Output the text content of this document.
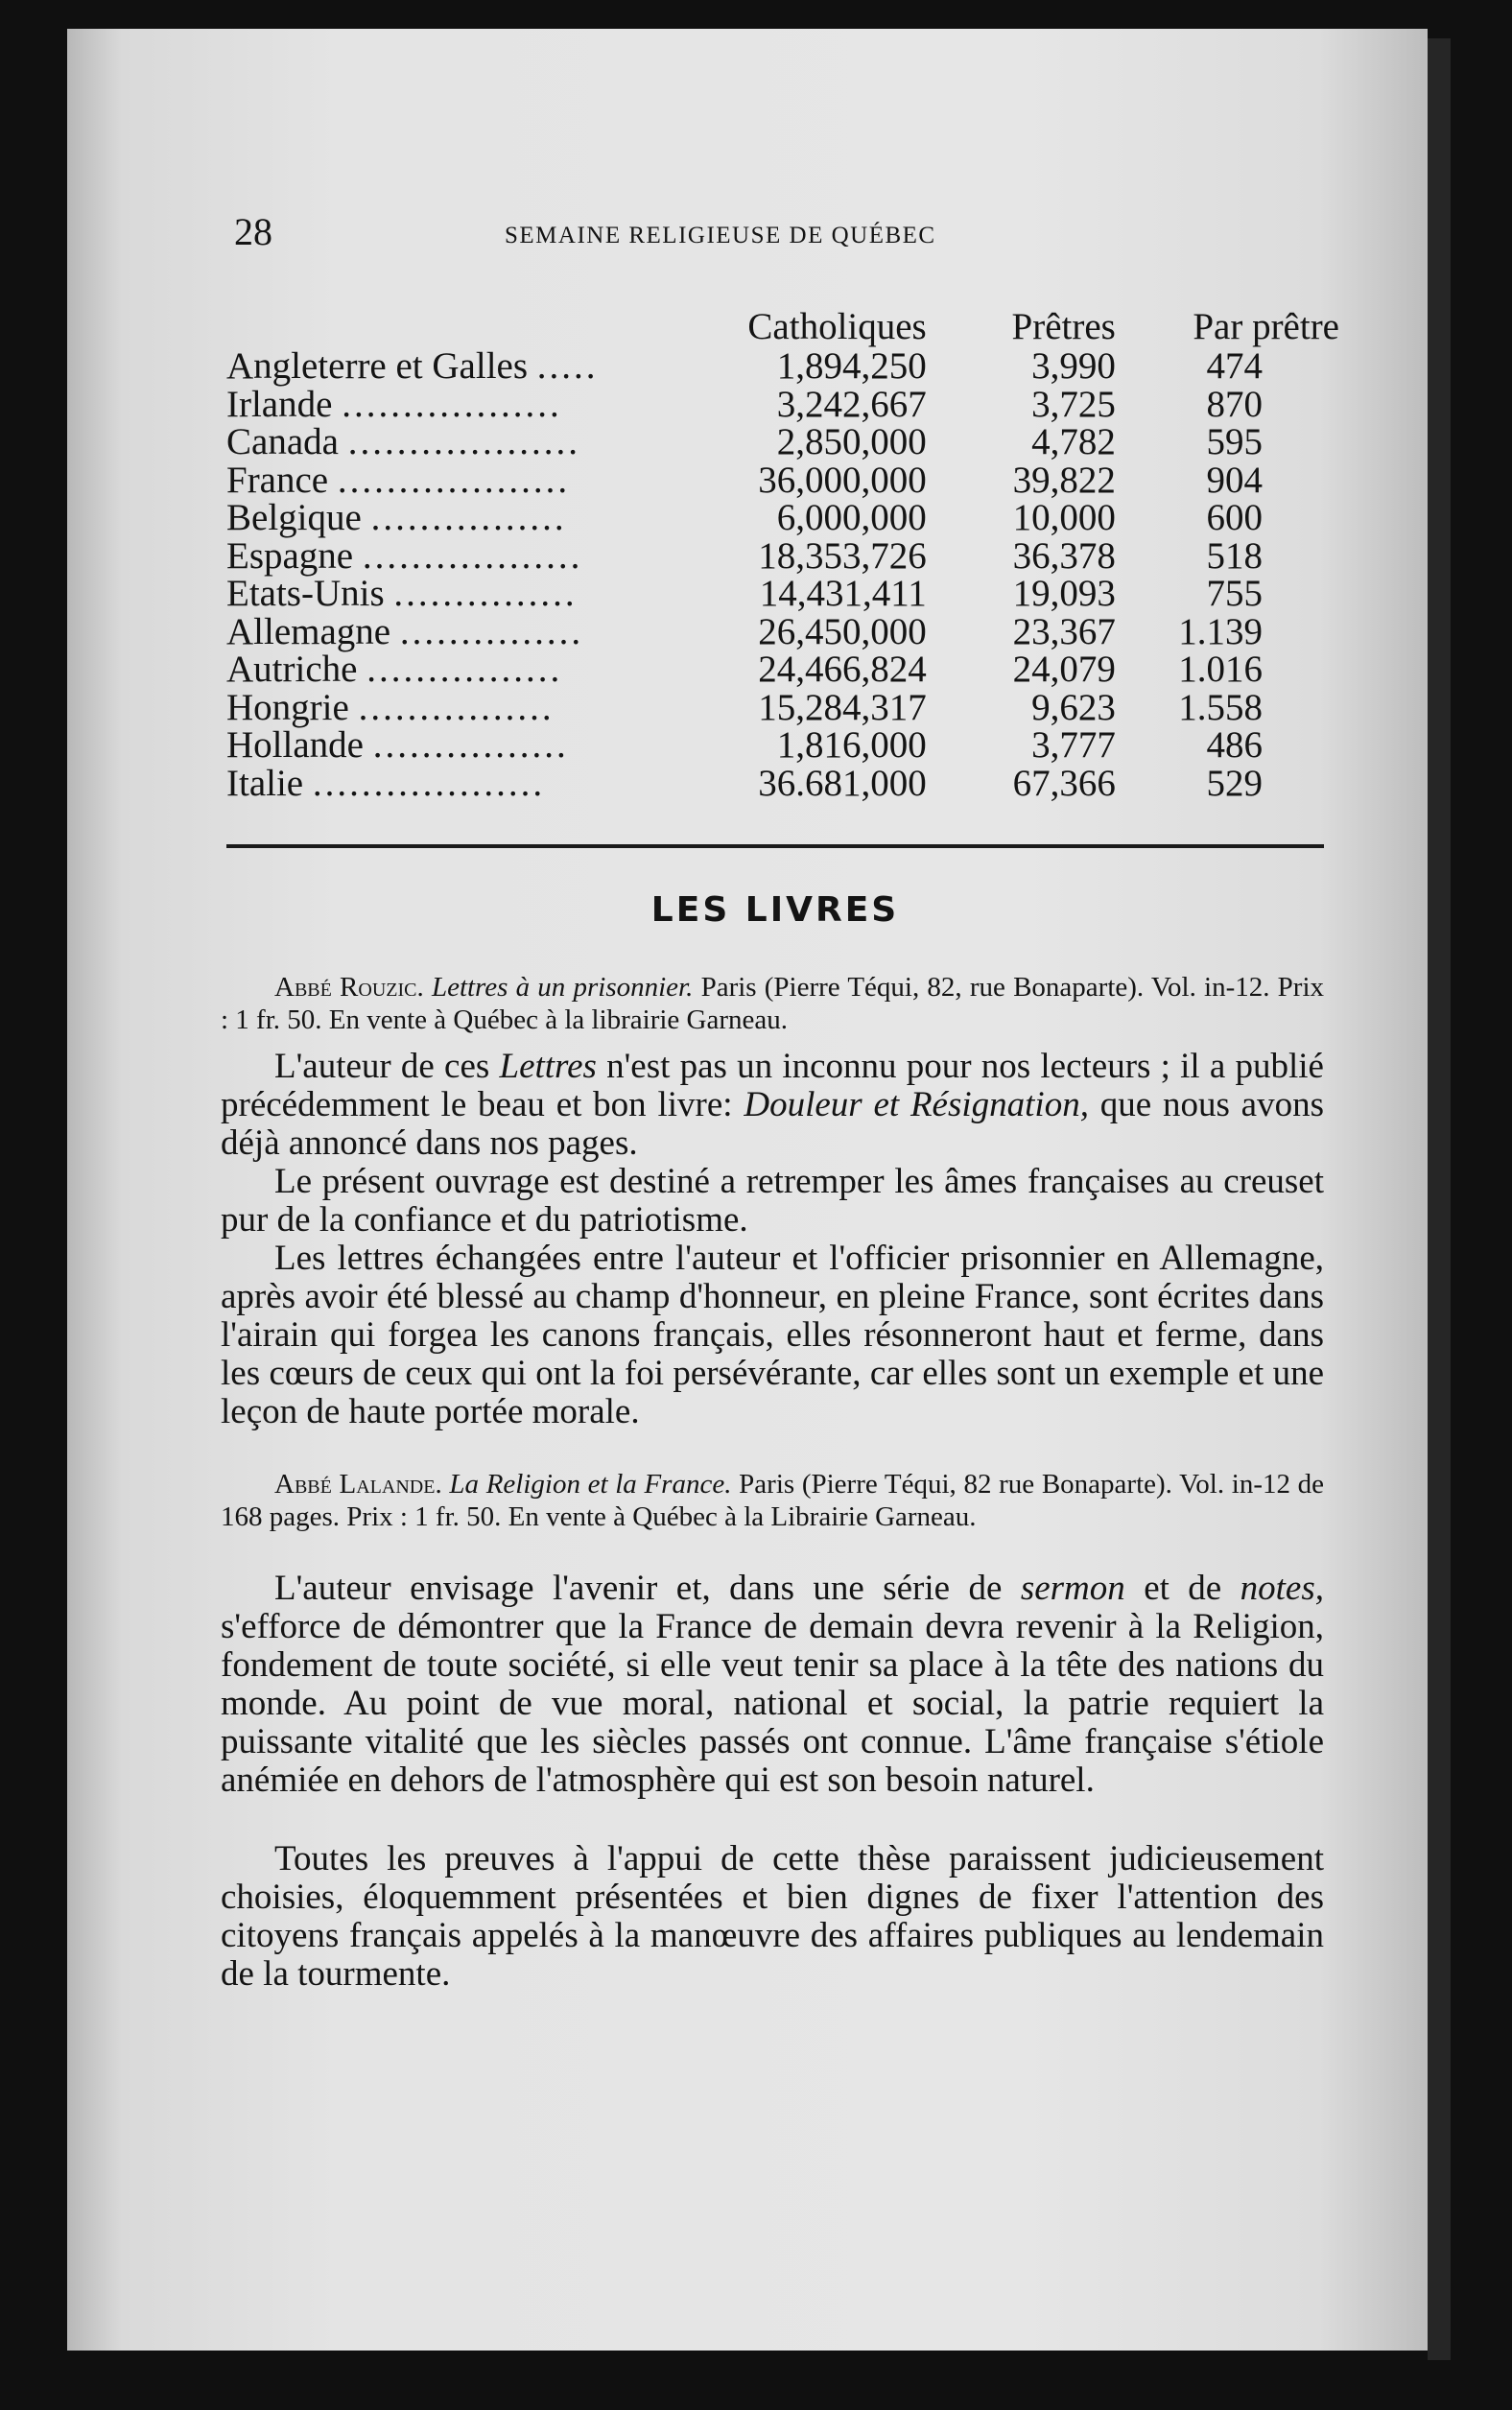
28	SEMAINE RELIGIEUSE DE QUÉBEC
	Catholiques	Prêtres	Par prêtre
Angleterre et Galles .....	1,894,250	3,990	474
Irlande ..................	3,242,667	3,725	870
Canada ...................	2,850,000	4,782	595
France ...................	36,000,000	39,822	904
Belgique ................	6,000,000	10,000	600
Espagne ..................	18,353,726	36,378	518
Etats-Unis ...............	14,431,411	19,093	755
Allemagne ...............	26,450,000	23,367	1.139
Autriche ................	24,466,824	24,079	1.016
Hongrie ................	15,284,317	9,623	1.558
Hollande ................	1,816,000	3,777	486
Italie ...................	36.681,000	67,366	529
LES LIVRES
Abbé Rouzic. Lettres à un prisonnier. Paris (Pierre Téqui, 82, rue Bonaparte). Vol. in-12. Prix : 1 fr. 50. En vente à Québec à la librairie Garneau.
L'auteur de ces Lettres n'est pas un inconnu pour nos lecteurs ; il a publié précédemment le beau et bon livre: Douleur et Résignation, que nous avons déjà annoncé dans nos pages.
Le présent ouvrage est destiné a retremper les âmes françaises au creuset pur de la confiance et du patriotisme.
Les lettres échangées entre l'auteur et l'officier prisonnier en Allemagne, après avoir été blessé au champ d'honneur, en pleine France, sont écrites dans l'airain qui forgea les canons français, elles résonneront haut et ferme, dans les cœurs de ceux qui ont la foi persévérante, car elles sont un exemple et une leçon de haute portée morale.
Abbé Lalande. La Religion et la France. Paris (Pierre Téqui, 82 rue Bonaparte). Vol. in-12 de 168 pages. Prix : 1 fr. 50. En vente à Québec à la Librairie Garneau.
L'auteur envisage l'avenir et, dans une série de sermon et de notes, s'efforce de démontrer que la France de demain devra revenir à la Religion, fondement de toute société, si elle veut tenir sa place à la tête des nations du monde. Au point de vue moral, national et social, la patrie requiert la puissante vitalité que les siècles passés ont connue. L'âme française s'étiole anémiée en dehors de l'atmosphère qui est son besoin naturel.
Toutes les preuves à l'appui de cette thèse paraissent judicieusement choisies, éloquemment présentées et bien dignes de fixer l'attention des citoyens français appelés à la manœuvre des affaires publiques au lendemain de la tourmente.
